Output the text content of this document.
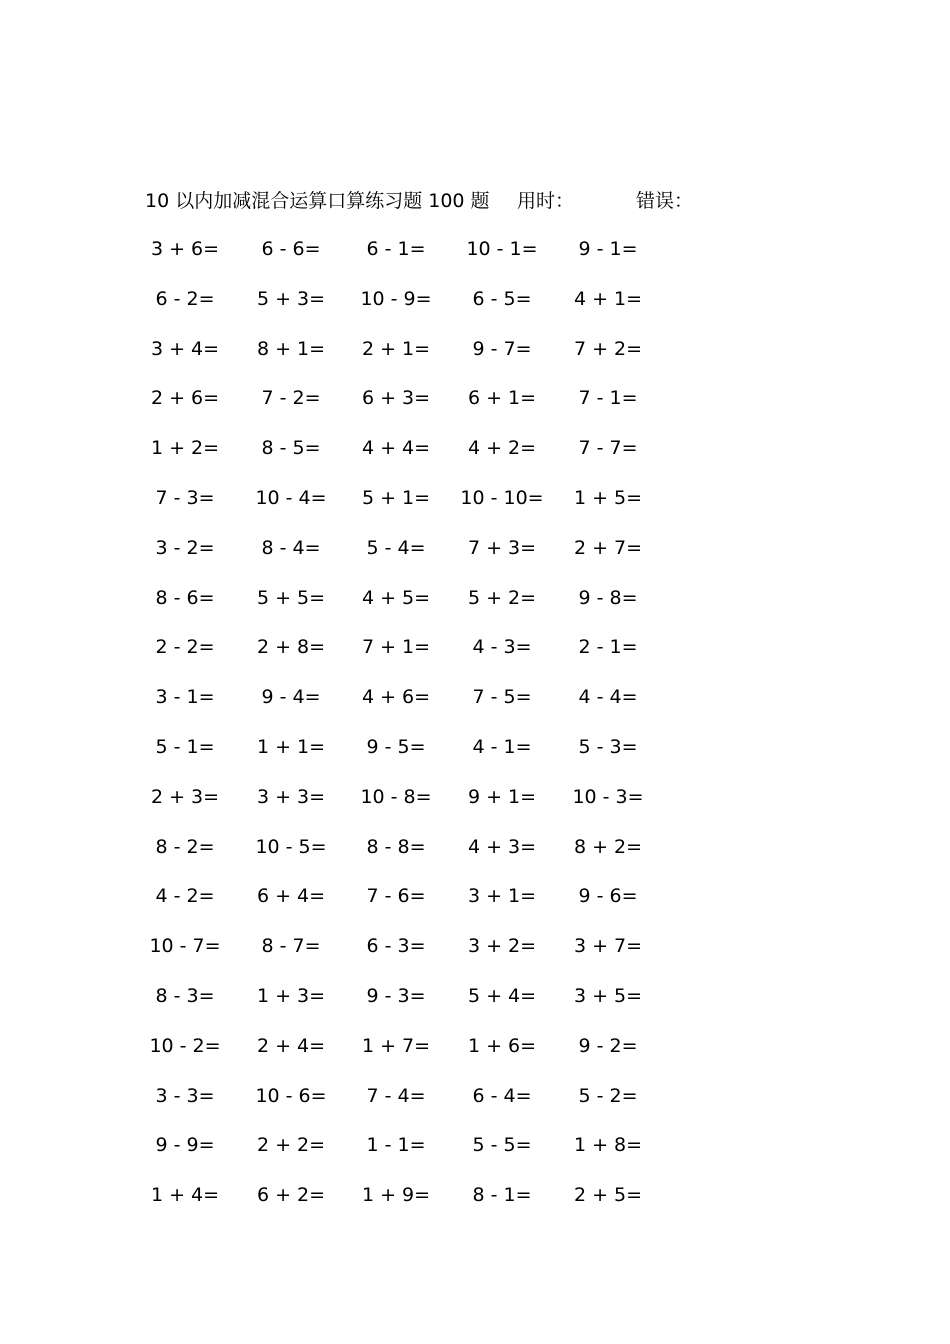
10 以内加减混合运算口算练习题 100 题 用时：	错误：
3 + 6=	6 - 6=	6 - 1=	10 - 1=	9 - 1=
6 - 2=	5 + 3=	10 - 9=	6 - 5=	4 + 1=
3 + 4=	8 + 1=	2 + 1=	9 - 7=	7 + 2=
2 + 6=	7 - 2=	6 + 3=	6 + 1=	7 - 1=
1 + 2=	8 - 5=	4 + 4=	4 + 2=	7 - 7=
7 - 3=	10 - 4=	5 + 1=	10 - 10=	1 + 5=
3 - 2=	8 - 4=	5 - 4=	7 + 3=	2 + 7=
8 - 6=	5 + 5=	4 + 5=	5 + 2=	9 - 8=
2 - 2=	2 + 8=	7 + 1=	4 - 3=	2 - 1=
3 - 1=	9 - 4=	4 + 6=	7 - 5=	4 - 4=
5 - 1=	1 + 1=	9 - 5=	4 - 1=	5 - 3=
2 + 3=	3 + 3=	10 - 8=	9 + 1=	10 - 3=
8 - 2=	10 - 5=	8 - 8=	4 + 3=	8 + 2=
4 - 2=	6 + 4=	7 - 6=	3 + 1=	9 - 6=
10 - 7=	8 - 7=	6 - 3=	3 + 2=	3 + 7=
8 - 3=	1 + 3=	9 - 3=	5 + 4=	3 + 5=
10 - 2=	2 + 4=	1 + 7=	1 + 6=	9 - 2=
3 - 3=	10 - 6=	7 - 4=	6 - 4=	5 - 2=
9 - 9=	2 + 2=	1 - 1=	5 - 5=	1 + 8=
1 + 4=	6 + 2=	1 + 9=	8 - 1=	2 + 5=
